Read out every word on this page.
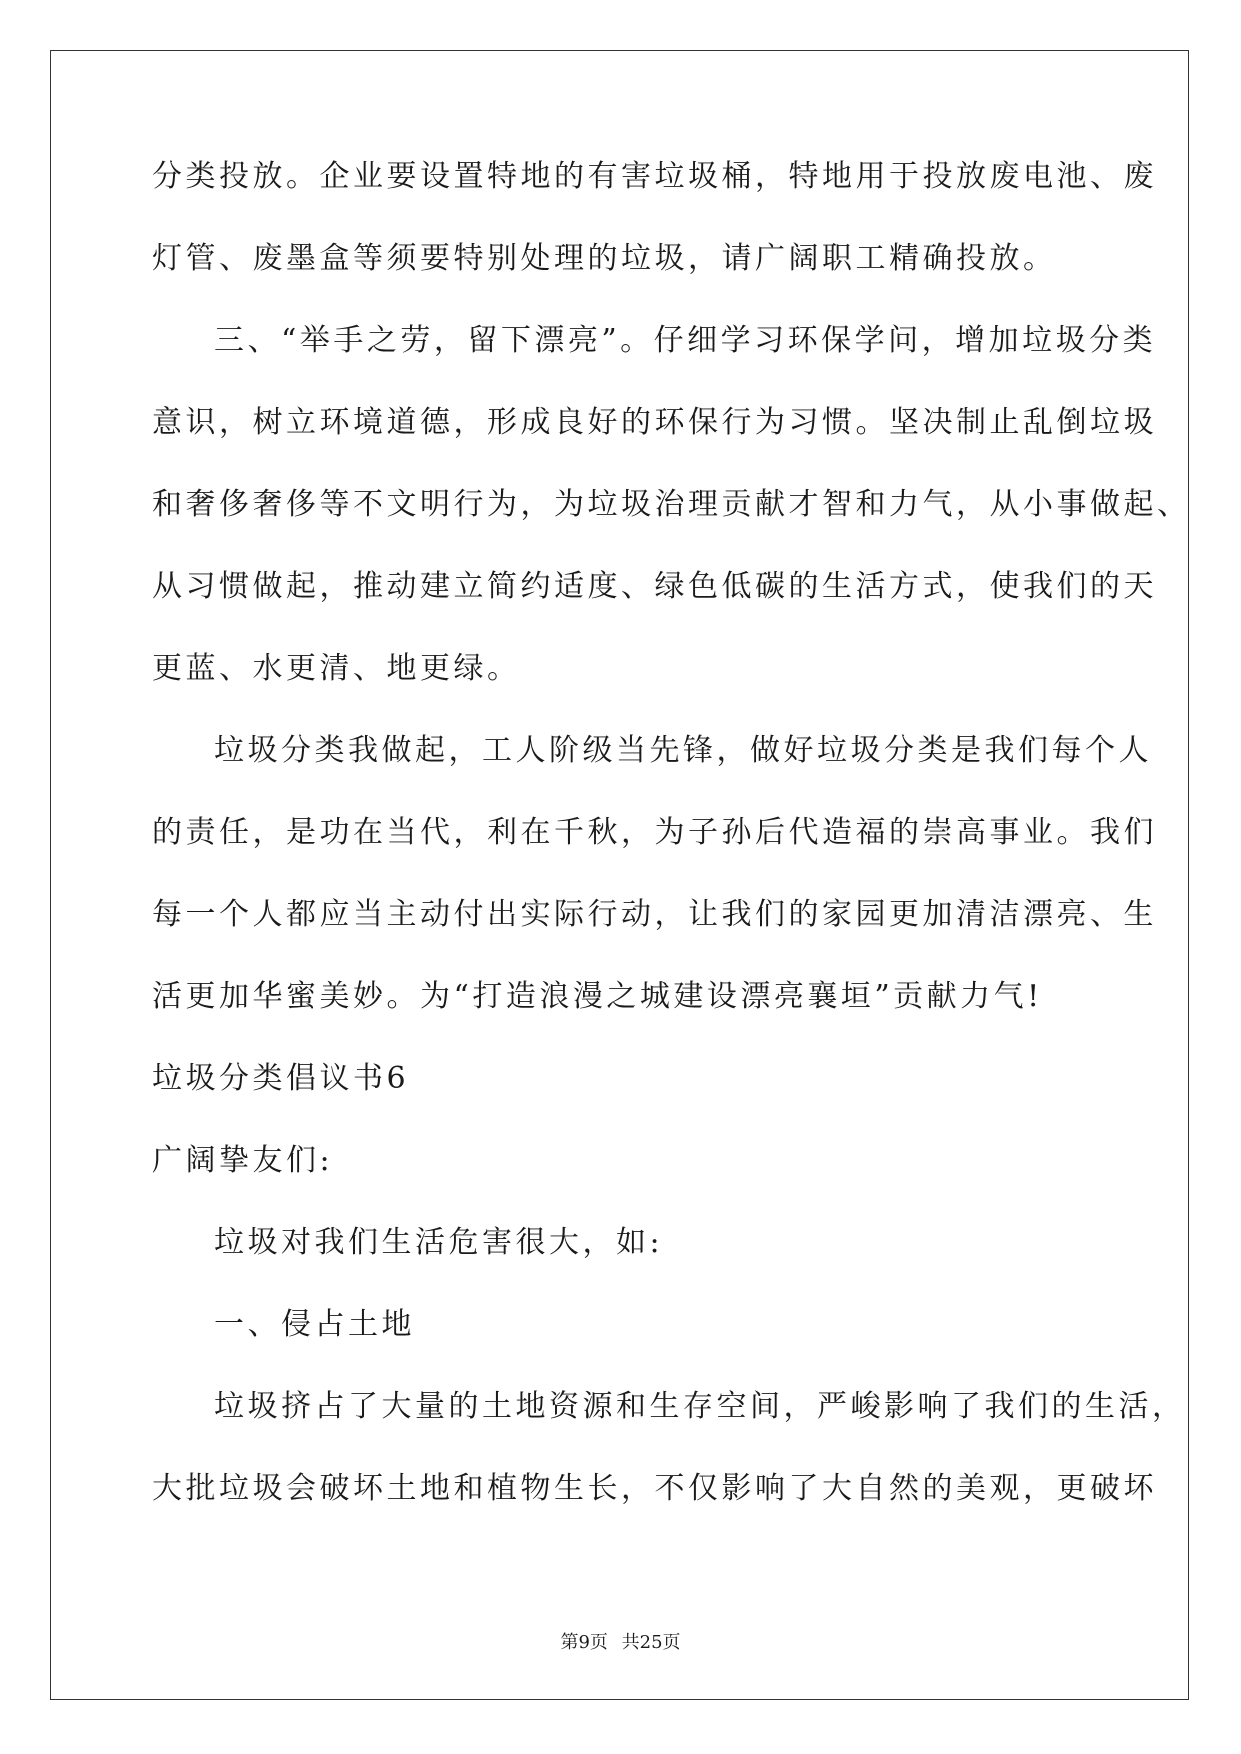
分类投放。企业要设置特地的有害垃圾桶，特地用于投放废电池、废
灯管、废墨盒等须要特别处理的垃圾，请广阔职工精确投放。
三、“举手之劳，留下漂亮”。仔细学习环保学问，增加垃圾分类
意识，树立环境道德，形成良好的环保行为习惯。坚决制止乱倒垃圾
和奢侈奢侈等不文明行为，为垃圾治理贡献才智和力气，从小事做起、
从习惯做起，推动建立简约适度、绿色低碳的生活方式，使我们的天
更蓝、水更清、地更绿。
垃圾分类我做起，工人阶级当先锋，做好垃圾分类是我们每个人
的责任，是功在当代，利在千秋，为子孙后代造福的崇高事业。我们
每一个人都应当主动付出实际行动，让我们的家园更加清洁漂亮、生
活更加华蜜美妙。为“打造浪漫之城建设漂亮襄垣”贡献力气!
垃圾分类倡议书6
广阔挚友们:
垃圾对我们生活危害很大，如:
一、侵占土地
垃圾挤占了大量的土地资源和生存空间，严峻影响了我们的生活，
大批垃圾会破坏土地和植物生长，不仅影响了大自然的美观，更破坏
第9页 共25页
